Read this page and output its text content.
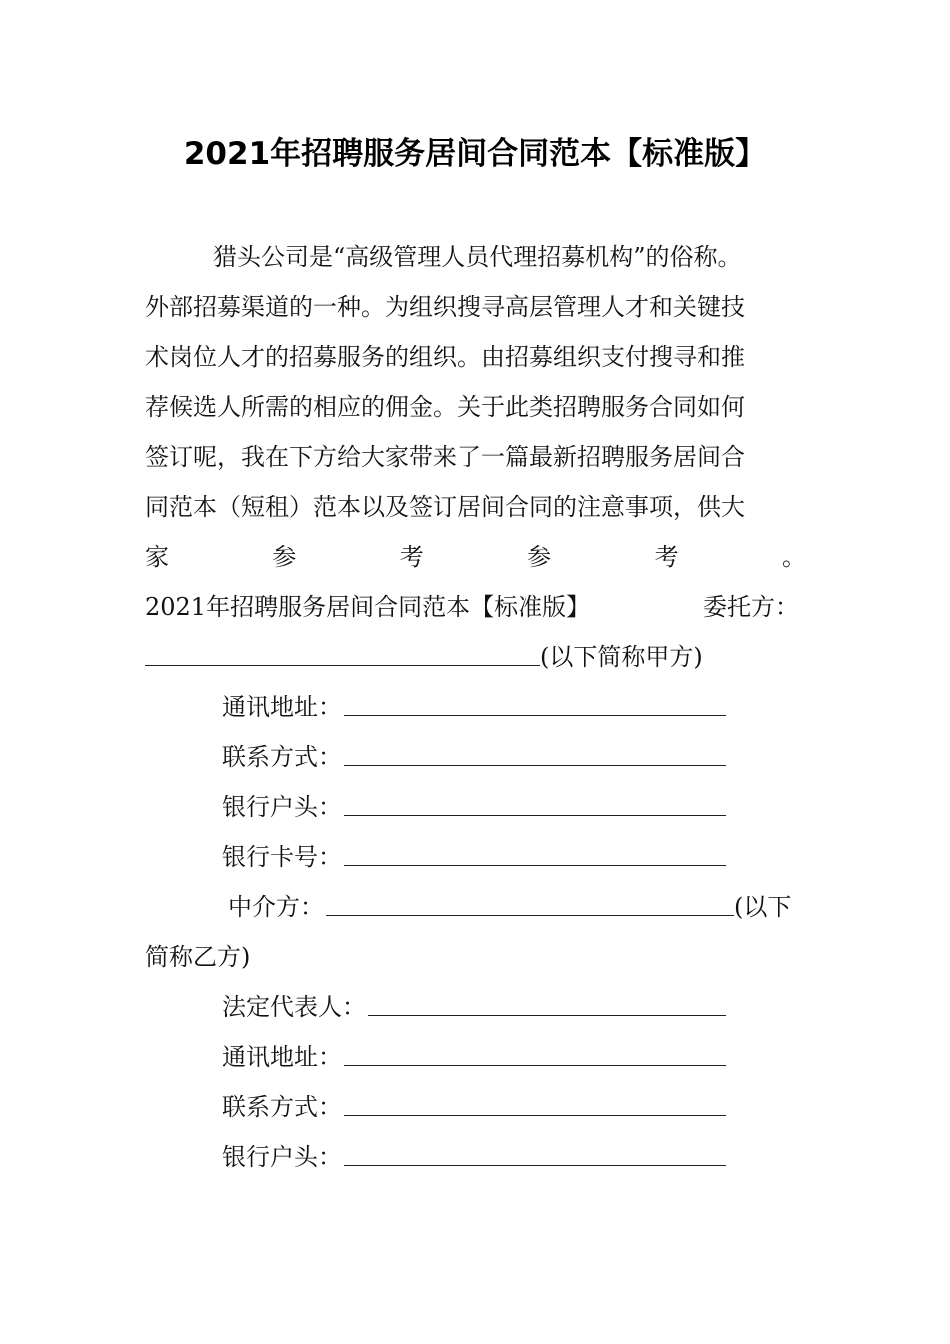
2021年招聘服务居间合同范本【标准版】
猎头公司是“高级管理人员代理招募机构”的俗称。
外部招募渠道的一种。为组织搜寻高层管理人才和关键技
术岗位人才的招募服务的组织。由招募组织支付搜寻和推
荐候选人所需的相应的佣金。关于此类招聘服务合同如何
签订呢，我在下方给大家带来了一篇最新招聘服务居间合
同范本（短租）范本以及签订居间合同的注意事项，供大
家	参	考	参	考	。
2021年招聘服务居间合同范本【标准版】	委托方：
(以下简称甲方)
通讯地址：
联系方式：
银行户头：
银行卡号：
中介方：	(以下
简称乙方)
法定代表人：
通讯地址：
联系方式：
银行户头：
